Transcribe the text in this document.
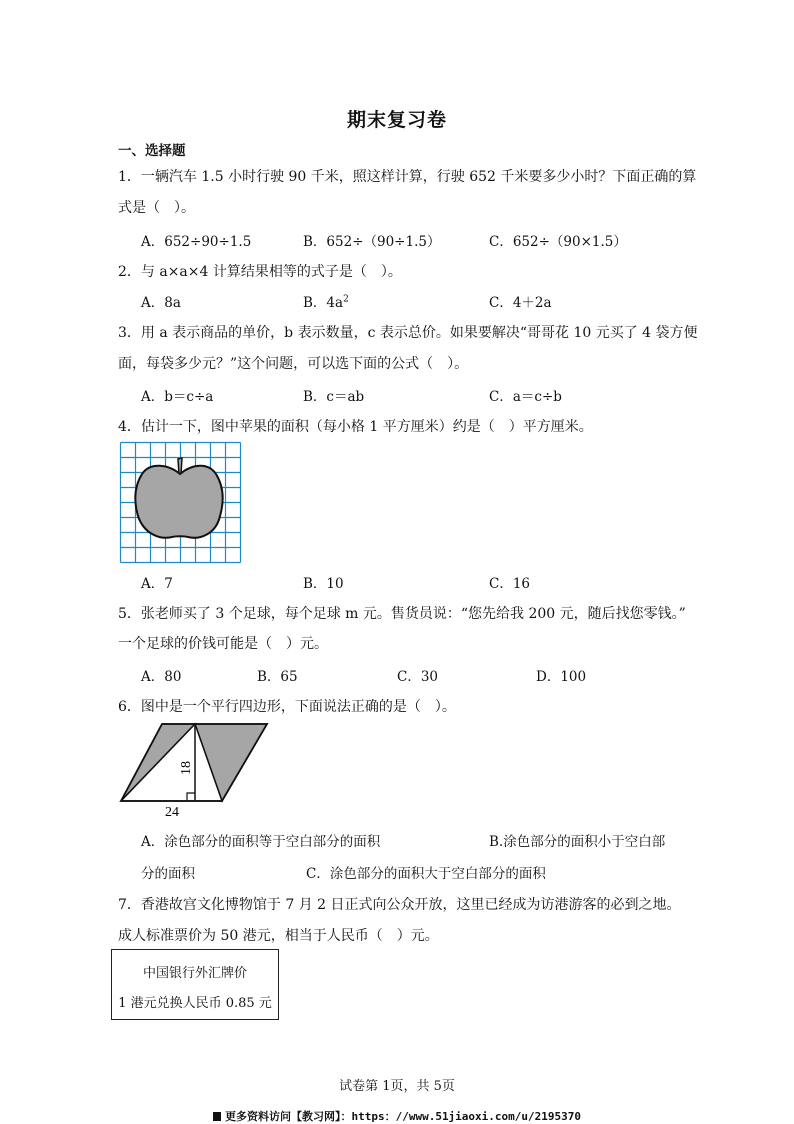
期末复习卷
一、选择题
1．一辆汽车 1.5 小时行驶 90 千米，照这样计算，行驶 652 千米要多少小时？下面正确的算
式是（　）。
A．652÷90÷1.5	B．652÷（90÷1.5）	C．652÷（90×1.5）
2．与 a×a×4 计算结果相等的式子是（　）。
A．8a	B．$4a^2$	C．4＋2a
3．用 a 表示商品的单价，b 表示数量，c 表示总价。如果要解决“哥哥花 10 元买了 4 袋方便
面，每袋多少元？”这个问题，可以选下面的公式（　）。
A．b＝c÷a	B．c＝ab	C．a＝c÷b
4．估计一下，图中苹果的面积（每小格 1 平方厘米）约是（　）平方厘米。
A．7	B．10	C．16
5．张老师买了 3 个足球，每个足球 m 元。售货员说：“您先给我 200 元，随后找您零钱。”
一个足球的价钱可能是（　）元。
A．80	B．65	C．30	D．100
6．图中是一个平行四边形，下面说法正确的是（　）。
18
24
A．涂色部分的面积等于空白部分的面积	B.涂色部分的面积小于空白部
分的面积	C．涂色部分的面积大于空白部分的面积
7．香港故宫文化博物馆于 7 月 2 日正式向公众开放，这里已经成为访港游客的必到之地。
成人标准票价为 50 港元，相当于人民币（　）元。
中国银行外汇牌价
1 港元兑换人民币 0.85 元
试卷第 1页，共 5页
更多资料访问【教习网】：https：//www.51jiaoxi.com/u/2195370
